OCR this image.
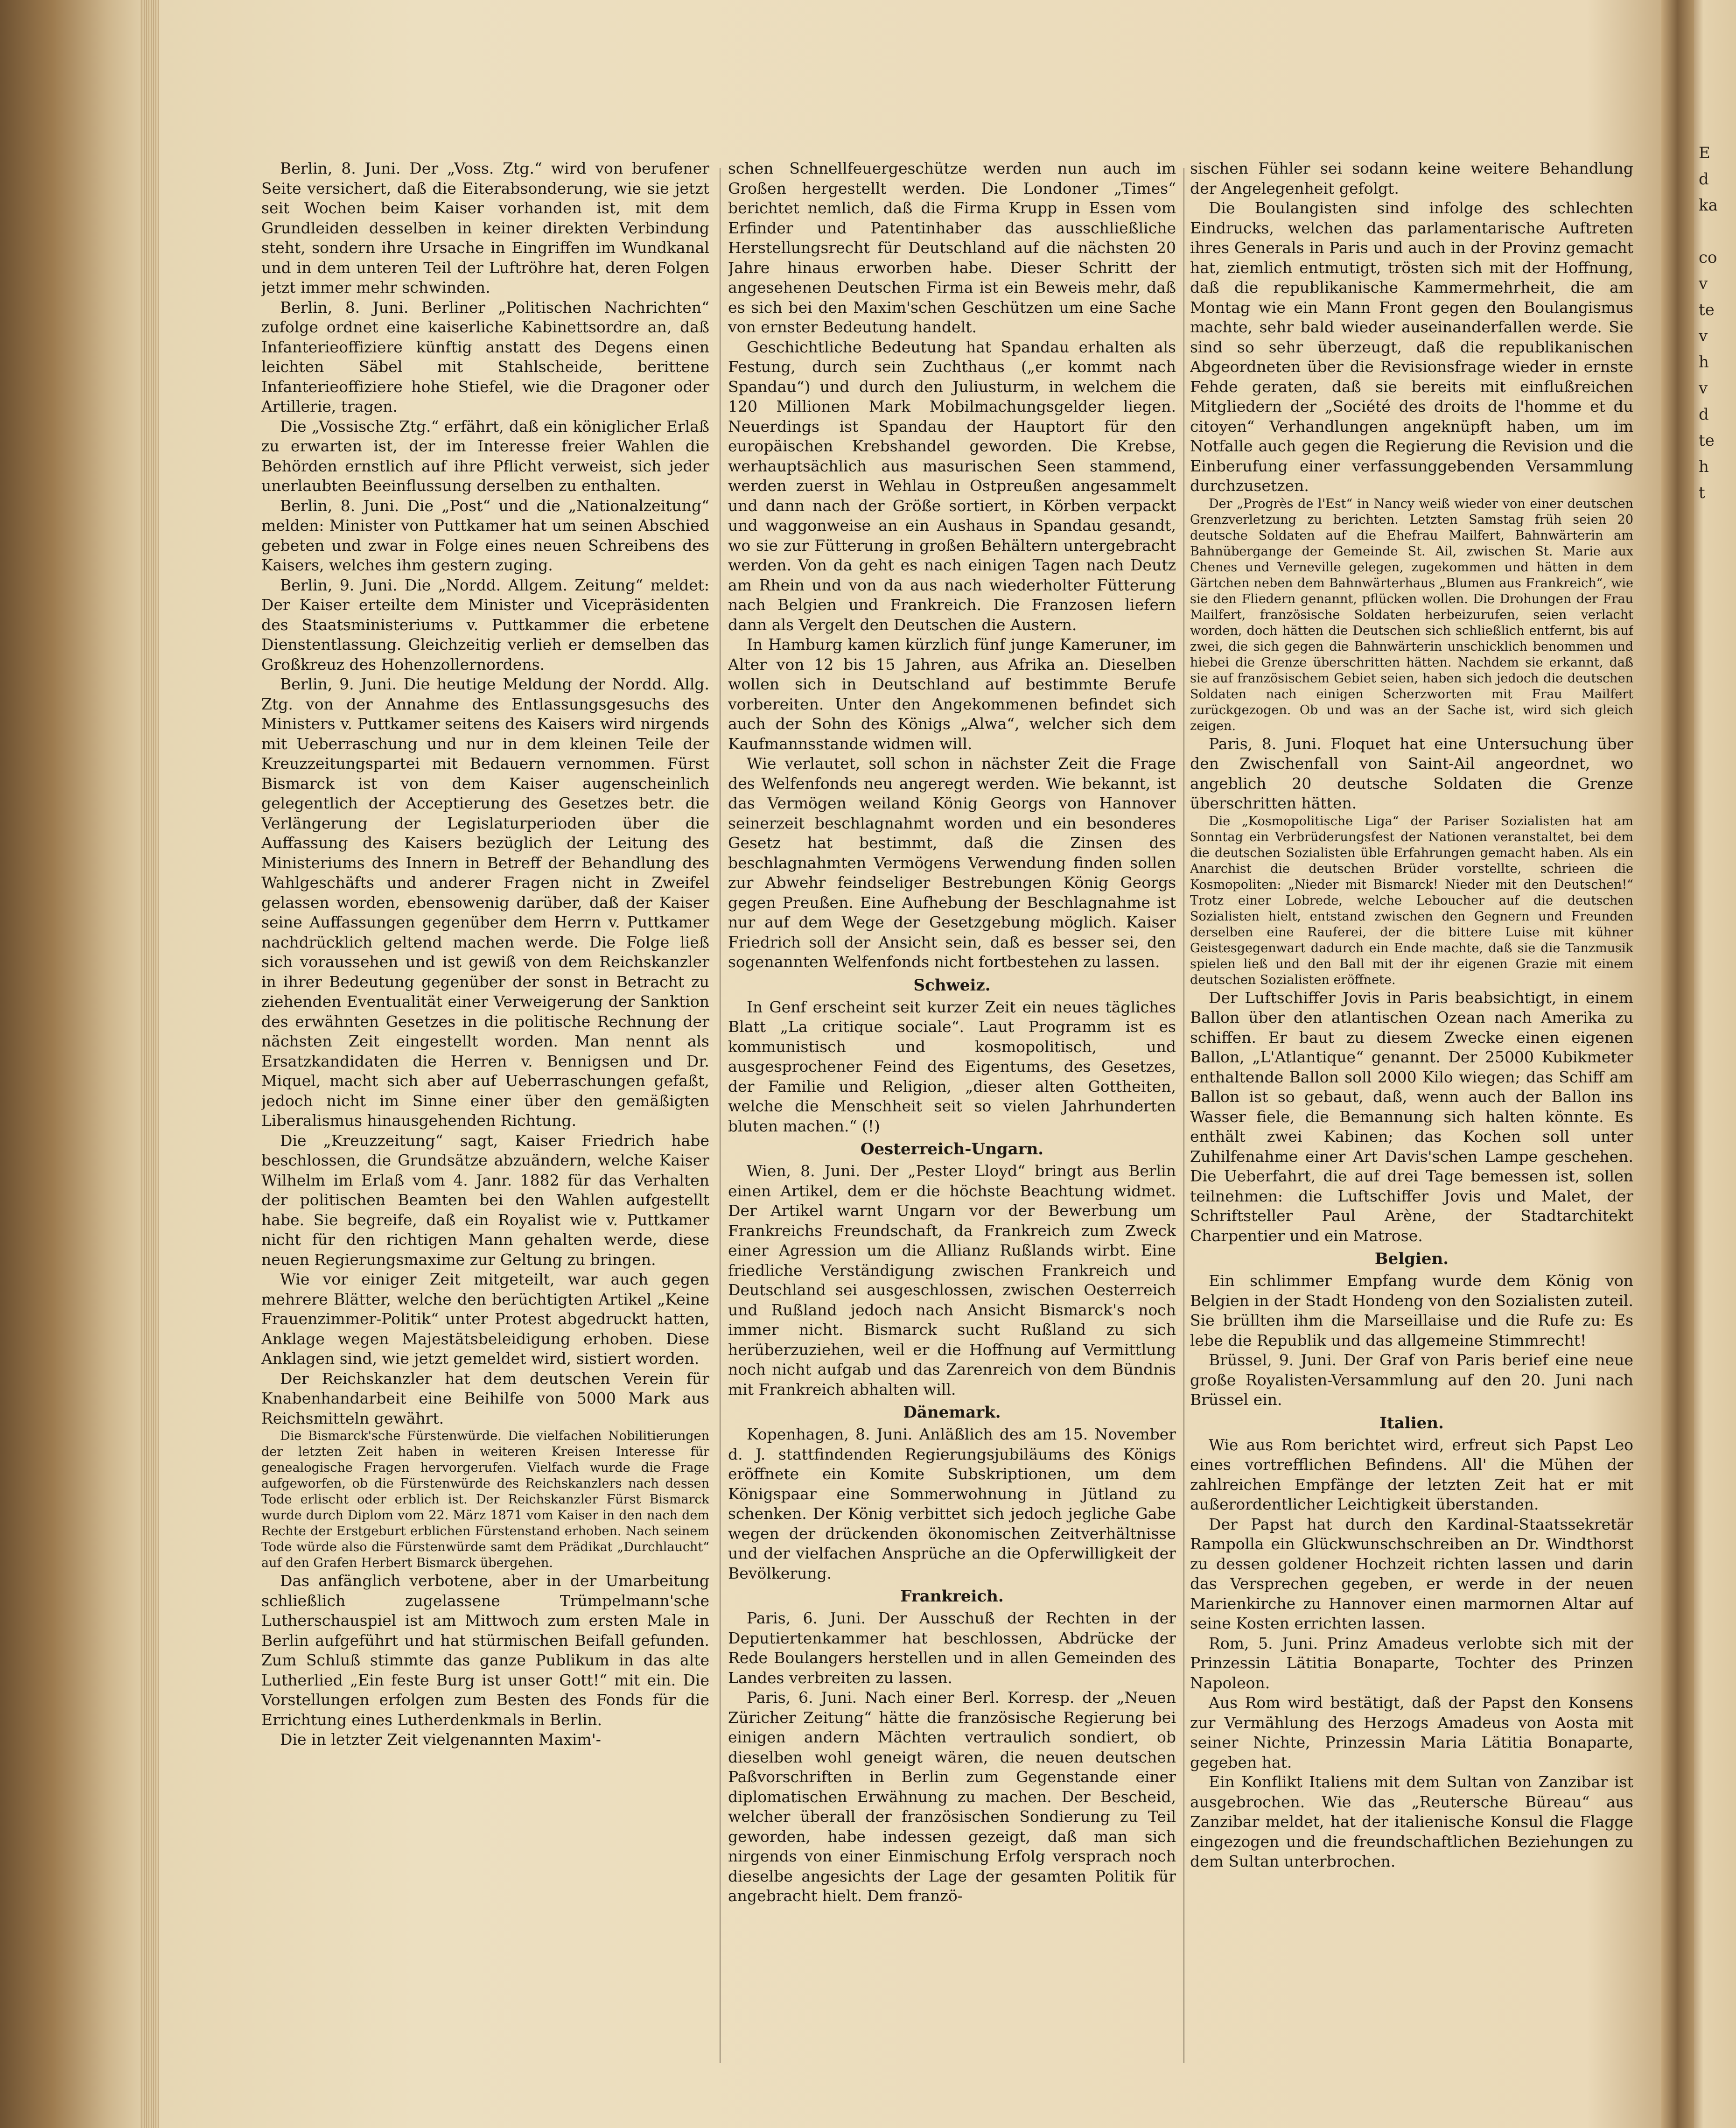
Berlin, 8. Juni. Der „Voss. Ztg.“ wird von berufener Seite versichert, daß die Eiterabsonderung, wie sie jetzt seit Wochen beim Kaiser vorhanden ist, mit dem Grundleiden desselben in keiner direkten Verbindung steht, sondern ihre Ursache in Eingriffen im Wundkanal und in dem unteren Teil der Luftröhre hat, deren Folgen jetzt immer mehr schwinden.

Berlin, 8. Juni. Berliner „Politischen Nachrichten“ zufolge ordnet eine kaiserliche Kabinettsordre an, daß Infanterieoffiziere künftig anstatt des Degens einen leichten Säbel mit Stahlscheide, berittene Infanterieoffiziere hohe Stiefel, wie die Dragoner oder Artillerie, tragen.

Die „Vossische Ztg.“ erfährt, daß ein königlicher Erlaß zu erwarten ist, der im Interesse freier Wahlen die Behörden ernstlich auf ihre Pflicht verweist, sich jeder unerlaubten Beeinflussung derselben zu enthalten.

Berlin, 8. Juni. Die „Post“ und die „Nationalzeitung“ melden: Minister von Puttkamer hat um seinen Abschied gebeten und zwar in Folge eines neuen Schreibens des Kaisers, welches ihm gestern zuging.

Berlin, 9. Juni. Die „Nordd. Allgem. Zeitung“ meldet: Der Kaiser erteilte dem Minister und Vicepräsidenten des Staatsministeriums v. Puttkammer die erbetene Dienstentlassung. Gleichzeitig verlieh er demselben das Großkreuz des Hohenzollernordens.

Berlin, 9. Juni. Die heutige Meldung der Nordd. Allg. Ztg. von der Annahme des Entlassungsgesuchs des Ministers v. Puttkamer seitens des Kaisers wird nirgends mit Ueberraschung und nur in dem kleinen Teile der Kreuzzeitungspartei mit Bedauern vernommen. Fürst Bismarck ist von dem Kaiser augenscheinlich gelegentlich der Acceptierung des Gesetzes betr. die Verlängerung der Legislaturperioden über die Auffassung des Kaisers bezüglich der Leitung des Ministeriums des Innern in Betreff der Behandlung des Wahlgeschäfts und anderer Fragen nicht in Zweifel gelassen worden, ebensowenig darüber, daß der Kaiser seine Auffassungen gegenüber dem Herrn v. Puttkamer nachdrücklich geltend machen werde. Die Folge ließ sich voraussehen und ist gewiß von dem Reichskanzler in ihrer Bedeutung gegenüber der sonst in Betracht zu ziehenden Eventualität einer Verweigerung der Sanktion des erwähnten Gesetzes in die politische Rechnung der nächsten Zeit eingestellt worden. Man nennt als Ersatzkandidaten die Herren v. Bennigsen und Dr. Miquel, macht sich aber auf Ueberraschungen gefaßt, jedoch nicht im Sinne einer über den gemäßigten Liberalismus hinausgehenden Richtung.

Die „Kreuzzeitung“ sagt, Kaiser Friedrich habe beschlossen, die Grundsätze abzuändern, welche Kaiser Wilhelm im Erlaß vom 4. Janr. 1882 für das Verhalten der politischen Beamten bei den Wahlen aufgestellt habe. Sie begreife, daß ein Royalist wie v. Puttkamer nicht für den richtigen Mann gehalten werde, diese neuen Regierungsmaxime zur Geltung zu bringen.

Wie vor einiger Zeit mitgeteilt, war auch gegen mehrere Blätter, welche den berüchtigten Artikel „Keine Frauenzimmer-Politik“ unter Protest abgedruckt hatten, Anklage wegen Majestätsbeleidigung erhoben. Diese Anklagen sind, wie jetzt gemeldet wird, sistiert worden.

Der Reichskanzler hat dem deutschen Verein für Knabenhandarbeit eine Beihilfe von 5000 Mark aus Reichsmitteln gewährt.

Die Bismarck'sche Fürstenwürde. Die vielfachen Nobilitierungen der letzten Zeit haben in weiteren Kreisen Interesse für genealogische Fragen hervorgerufen. Vielfach wurde die Frage aufgeworfen, ob die Fürstenwürde des Reichskanzlers nach dessen Tode erlischt oder erblich ist. Der Reichskanzler Fürst Bismarck wurde durch Diplom vom 22. März 1871 vom Kaiser in den nach dem Rechte der Erstgeburt erblichen Fürstenstand erhoben. Nach seinem Tode würde also die Fürstenwürde samt dem Prädikat „Durchlaucht“ auf den Grafen Herbert Bismarck übergehen.

Das anfänglich verbotene, aber in der Umarbeitung schließlich zugelassene Trümpelmann'sche Lutherschauspiel ist am Mittwoch zum ersten Male in Berlin aufgeführt und hat stürmischen Beifall gefunden. Zum Schluß stimmte das ganze Publikum in das alte Lutherlied „Ein feste Burg ist unser Gott!“ mit ein. Die Vorstellungen erfolgen zum Besten des Fonds für die Errichtung eines Lutherdenkmals in Berlin.

Die in letzter Zeit vielgenannten Maxim'-

schen Schnellfeuergeschütze werden nun auch im Großen hergestellt werden. Die Londoner „Times“ berichtet nemlich, daß die Firma Krupp in Essen vom Erfinder und Patentinhaber das ausschließliche Herstellungsrecht für Deutschland auf die nächsten 20 Jahre hinaus erworben habe. Dieser Schritt der angesehenen Deutschen Firma ist ein Beweis mehr, daß es sich bei den Maxim'schen Geschützen um eine Sache von ernster Bedeutung handelt.

Geschichtliche Bedeutung hat Spandau erhalten als Festung, durch sein Zuchthaus („er kommt nach Spandau“) und durch den Juliusturm, in welchem die 120 Millionen Mark Mobilmachungsgelder liegen. Neuerdings ist Spandau der Hauptort für den europäischen Krebshandel geworden. Die Krebse, werhauptsächlich aus masurischen Seen stammend, werden zuerst in Wehlau in Ostpreußen angesammelt und dann nach der Größe sortiert, in Körben verpackt und waggonweise an ein Aushaus in Spandau gesandt, wo sie zur Fütterung in großen Behältern untergebracht werden. Von da geht es nach einigen Tagen nach Deutz am Rhein und von da aus nach wiederholter Fütterung nach Belgien und Frankreich. Die Franzosen liefern dann als Vergelt den Deutschen die Austern.

In Hamburg kamen kürzlich fünf junge Kameruner, im Alter von 12 bis 15 Jahren, aus Afrika an. Dieselben wollen sich in Deutschland auf bestimmte Berufe vorbereiten. Unter den Angekommenen befindet sich auch der Sohn des Königs „Alwa“, welcher sich dem Kaufmannsstande widmen will.

Wie verlautet, soll schon in nächster Zeit die Frage des Welfenfonds neu angeregt werden. Wie bekannt, ist das Vermögen weiland König Georgs von Hannover seinerzeit beschlagnahmt worden und ein besonderes Gesetz hat bestimmt, daß die Zinsen des beschlagnahmten Vermögens Verwendung finden sollen zur Abwehr feindseliger Bestrebungen König Georgs gegen Preußen. Eine Aufhebung der Beschlagnahme ist nur auf dem Wege der Gesetzgebung möglich. Kaiser Friedrich soll der Ansicht sein, daß es besser sei, den sogenannten Welfenfonds nicht fortbestehen zu lassen.

Schweiz.

In Genf erscheint seit kurzer Zeit ein neues tägliches Blatt „La critique sociale“. Laut Programm ist es kommunistisch und kosmopolitisch, und ausgesprochener Feind des Eigentums, des Gesetzes, der Familie und Religion, „dieser alten Gottheiten, welche die Menschheit seit so vielen Jahrhunderten bluten machen.“ (!)

Oesterreich-Ungarn.

Wien, 8. Juni. Der „Pester Lloyd“ bringt aus Berlin einen Artikel, dem er die höchste Beachtung widmet. Der Artikel warnt Ungarn vor der Bewerbung um Frankreichs Freundschaft, da Frankreich zum Zweck einer Agression um die Allianz Rußlands wirbt. Eine friedliche Verständigung zwischen Frankreich und Deutschland sei ausgeschlossen, zwischen Oesterreich und Rußland jedoch nach Ansicht Bismarck's noch immer nicht. Bismarck sucht Rußland zu sich herüberzuziehen, weil er die Hoffnung auf Vermittlung noch nicht aufgab und das Zarenreich von dem Bündnis mit Frankreich abhalten will.

Dänemark.

Kopenhagen, 8. Juni. Anläßlich des am 15. November d. J. stattfindenden Regierungsjubiläums des Königs eröffnete ein Komite Subskriptionen, um dem Königspaar eine Sommerwohnung in Jütland zu schenken. Der König verbittet sich jedoch jegliche Gabe wegen der drückenden ökonomischen Zeitverhältnisse und der vielfachen Ansprüche an die Opferwilligkeit der Bevölkerung.

Frankreich.

Paris, 6. Juni. Der Ausschuß der Rechten in der Deputiertenkammer hat beschlossen, Abdrücke der Rede Boulangers herstellen und in allen Gemeinden des Landes verbreiten zu lassen.

Paris, 6. Juni. Nach einer Berl. Korresp. der „Neuen Züricher Zeitung“ hätte die französische Regierung bei einigen andern Mächten vertraulich sondiert, ob dieselben wohl geneigt wären, die neuen deutschen Paßvorschriften in Berlin zum Gegenstande einer diplomatischen Erwähnung zu machen. Der Bescheid, welcher überall der französischen Sondierung zu Teil geworden, habe indessen gezeigt, daß man sich nirgends von einer Einmischung Erfolg versprach noch dieselbe angesichts der Lage der gesamten Politik für angebracht hielt. Dem franzö-

sischen Fühler sei sodann keine weitere Behandlung der Angelegenheit gefolgt.

Die Boulangisten sind infolge des schlechten Eindrucks, welchen das parlamentarische Auftreten ihres Generals in Paris und auch in der Provinz gemacht hat, ziemlich entmutigt, trösten sich mit der Hoffnung, daß die republikanische Kammermehrheit, die am Montag wie ein Mann Front gegen den Boulangismus machte, sehr bald wieder auseinanderfallen werde. Sie sind so sehr überzeugt, daß die republikanischen Abgeordneten über die Revisionsfrage wieder in ernste Fehde geraten, daß sie bereits mit einflußreichen Mitgliedern der „Société des droits de l'homme et du citoyen“ Verhandlungen angeknüpft haben, um im Notfalle auch gegen die Regierung die Revision und die Einberufung einer verfassunggebenden Versammlung durchzusetzen.

Der „Progrès de l'Est“ in Nancy weiß wieder von einer deutschen Grenzverletzung zu berichten. Letzten Samstag früh seien 20 deutsche Soldaten auf die Ehefrau Mailfert, Bahnwärterin am Bahnübergange der Gemeinde St. Ail, zwischen St. Marie aux Chenes und Verneville gelegen, zugekommen und hätten in dem Gärtchen neben dem Bahnwärterhaus „Blumen aus Frankreich“, wie sie den Fliedern genannt, pflücken wollen. Die Drohungen der Frau Mailfert, französische Soldaten herbeizurufen, seien verlacht worden, doch hätten die Deutschen sich schließlich entfernt, bis auf zwei, die sich gegen die Bahnwärterin unschicklich benommen und hiebei die Grenze überschritten hätten. Nachdem sie erkannt, daß sie auf französischem Gebiet seien, haben sich jedoch die deutschen Soldaten nach einigen Scherzworten mit Frau Mailfert zurückgezogen. Ob und was an der Sache ist, wird sich gleich zeigen.

Paris, 8. Juni. Floquet hat eine Untersuchung über den Zwischenfall von Saint-Ail angeordnet, wo angeblich 20 deutsche Soldaten die Grenze überschritten hätten.

Die „Kosmopolitische Liga“ der Pariser Sozialisten hat am Sonntag ein Verbrüderungsfest der Nationen veranstaltet, bei dem die deutschen Sozialisten üble Erfahrungen gemacht haben. Als ein Anarchist die deutschen Brüder vorstellte, schrieen die Kosmopoliten: „Nieder mit Bismarck! Nieder mit den Deutschen!“ Trotz einer Lobrede, welche Leboucher auf die deutschen Sozialisten hielt, entstand zwischen den Gegnern und Freunden derselben eine Rauferei, der die bittere Luise mit kühner Geistesgegenwart dadurch ein Ende machte, daß sie die Tanzmusik spielen ließ und den Ball mit der ihr eigenen Grazie mit einem deutschen Sozialisten eröffnete.

Der Luftschiffer Jovis in Paris beabsichtigt, in einem Ballon über den atlantischen Ozean nach Amerika zu schiffen. Er baut zu diesem Zwecke einen eigenen Ballon, „L'Atlantique“ genannt. Der 25000 Kubikmeter enthaltende Ballon soll 2000 Kilo wiegen; das Schiff am Ballon ist so gebaut, daß, wenn auch der Ballon ins Wasser fiele, die Bemannung sich halten könnte. Es enthält zwei Kabinen; das Kochen soll unter Zuhilfenahme einer Art Davis'schen Lampe geschehen. Die Ueberfahrt, die auf drei Tage bemessen ist, sollen teilnehmen: die Luftschiffer Jovis und Malet, der Schriftsteller Paul Arène, der Stadtarchitekt Charpentier und ein Matrose.

Belgien.

Ein schlimmer Empfang wurde dem König von Belgien in der Stadt Hondeng von den Sozialisten zuteil. Sie brüllten ihm die Marseillaise und die Rufe zu: Es lebe die Republik und das allgemeine Stimmrecht!

Brüssel, 9. Juni. Der Graf von Paris berief eine neue große Royalisten-Versammlung auf den 20. Juni nach Brüssel ein.

Italien.

Wie aus Rom berichtet wird, erfreut sich Papst Leo eines vortrefflichen Befindens. All' die Mühen der zahlreichen Empfänge der letzten Zeit hat er mit außerordentlicher Leichtigkeit überstanden.

Der Papst hat durch den Kardinal-Staatssekretär Rampolla ein Glückwunschschreiben an Dr. Windthorst zu dessen goldener Hochzeit richten lassen und darin das Versprechen gegeben, er werde in der neuen Marienkirche zu Hannover einen marmornen Altar auf seine Kosten errichten lassen.

Rom, 5. Juni. Prinz Amadeus verlobte sich mit der Prinzessin Lätitia Bonaparte, Tochter des Prinzen Napoleon.

Aus Rom wird bestätigt, daß der Papst den Konsens zur Vermählung des Herzogs Amadeus von Aosta mit seiner Nichte, Prinzessin Maria Lätitia Bonaparte, gegeben hat.

Ein Konflikt Italiens mit dem Sultan von Zanzibar ist ausgebrochen. Wie das „Reutersche Büreau“ aus Zanzibar meldet, hat der italienische Konsul die Flagge eingezogen und die freundschaftlichen Beziehungen zu dem Sultan unterbrochen.

E
d
ka

co
v
te
v
h
v
d
te
h
t
